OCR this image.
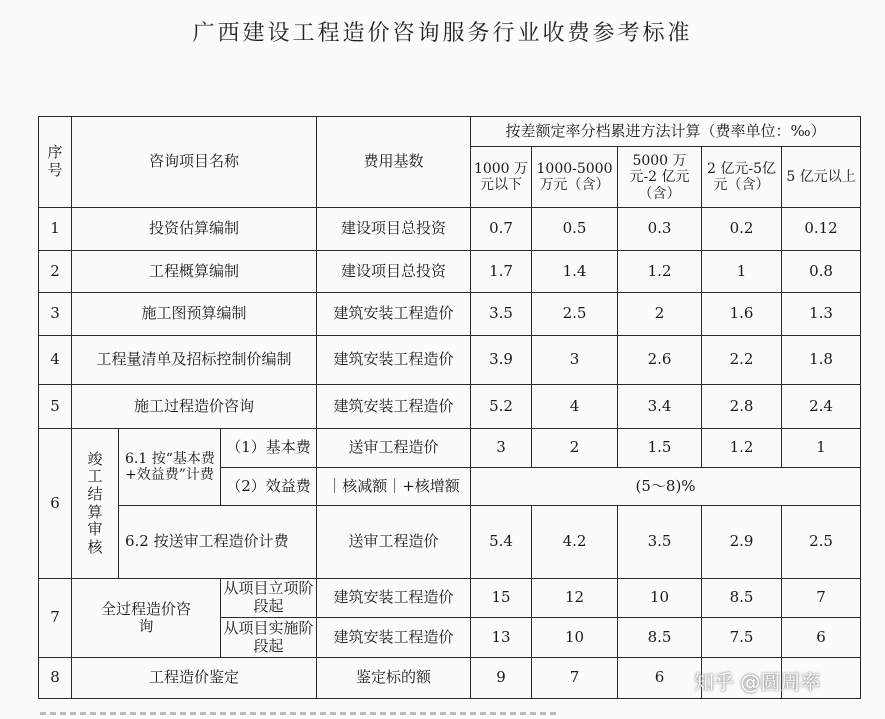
广西建设工程造价咨询服务行业收费参考标准
序号	咨询项目名称			费用基数	按差额定率分档累进方法计算（费率单位：‰）				
					1000 万元以下	1000-5000万元（含）	5000 万元-2 亿元（含）	2 亿元-5亿元（含）	5 亿元以上
1	投资估算编制			建设项目总投资	0.7	0.5	0.3	0.2	0.12
2	工程概算编制			建设项目总投资	1.7	1.4	1.2	1	0.8
3	施工图预算编制			建筑安装工程造价	3.5	2.5	2	1.6	1.3
4	工程量清单及招标控制价编制			建筑安装工程造价	3.9	3	2.6	2.2	1.8
5	施工过程造价咨询			建筑安装工程造价	5.2	4	3.4	2.8	2.4
6	竣工结算审核	6.1 按“基本费+效益费”计费	（1）基本费	送审工程造价	3	2	1.5	1.2	1
			（2）效益费	｜核减额｜+核增额	(5～8)%				
		6.2 按送审工程造价计费		送审工程造价	5.4	4.2	3.5	2.9	2.5
7	全过程造价咨询		从项目立项阶段起	建筑安装工程造价	15	12	10	8.5	7
			从项目实施阶段起	建筑安装工程造价	13	10	8.5	7.5	6
8	工程造价鉴定			鉴定标的额	9	7	6		知乎 @圆周率
